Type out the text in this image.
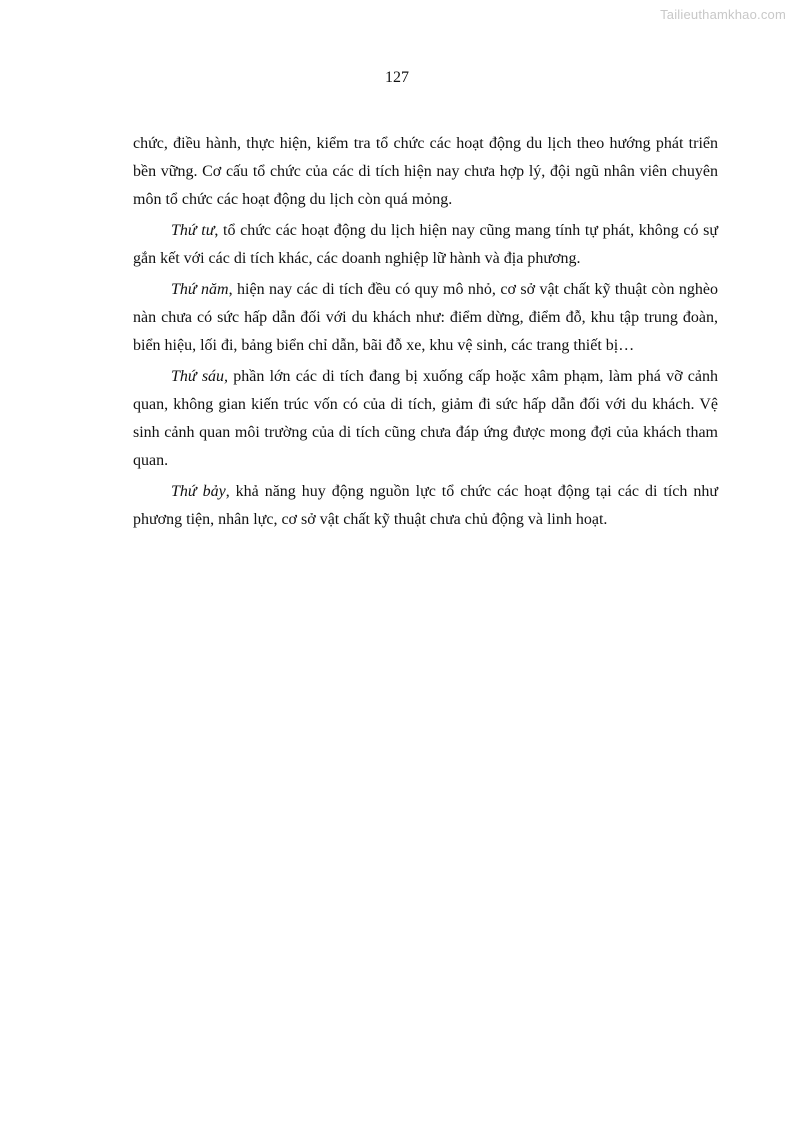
Tailieuthamkhao.com
127

chức, điều hành, thực hiện, kiểm tra tổ chức các hoạt động du lịch theo hướng phát triển bền vững. Cơ cấu tổ chức của các di tích hiện nay chưa hợp lý, đội ngũ nhân viên chuyên môn tổ chức các hoạt động du lịch còn quá mỏng.

Thứ tư, tổ chức các hoạt động du lịch hiện nay cũng mang tính tự phát, không có sự gắn kết với các di tích khác, các doanh nghiệp lữ hành và địa phương.

Thứ năm, hiện nay các di tích đều có quy mô nhỏ, cơ sở vật chất kỹ thuật còn nghèo nàn chưa có sức hấp dẫn đối với du khách như: điểm dừng, điểm đỗ, khu tập trung đoàn, biển hiệu, lối đi, bảng biển chỉ dẫn, bãi đỗ xe, khu vệ sinh, các trang thiết bị…

Thứ sáu, phần lớn các di tích đang bị xuống cấp hoặc xâm phạm, làm phá vỡ cảnh quan, không gian kiến trúc vốn có của di tích, giảm đi sức hấp dẫn đối với du khách. Vệ sinh cảnh quan môi trường của di tích cũng chưa đáp ứng được mong đợi của khách tham quan.

Thứ bảy, khả năng huy động nguồn lực tổ chức các hoạt động tại các di tích như phương tiện, nhân lực, cơ sở vật chất kỹ thuật chưa chủ động và linh hoạt.
